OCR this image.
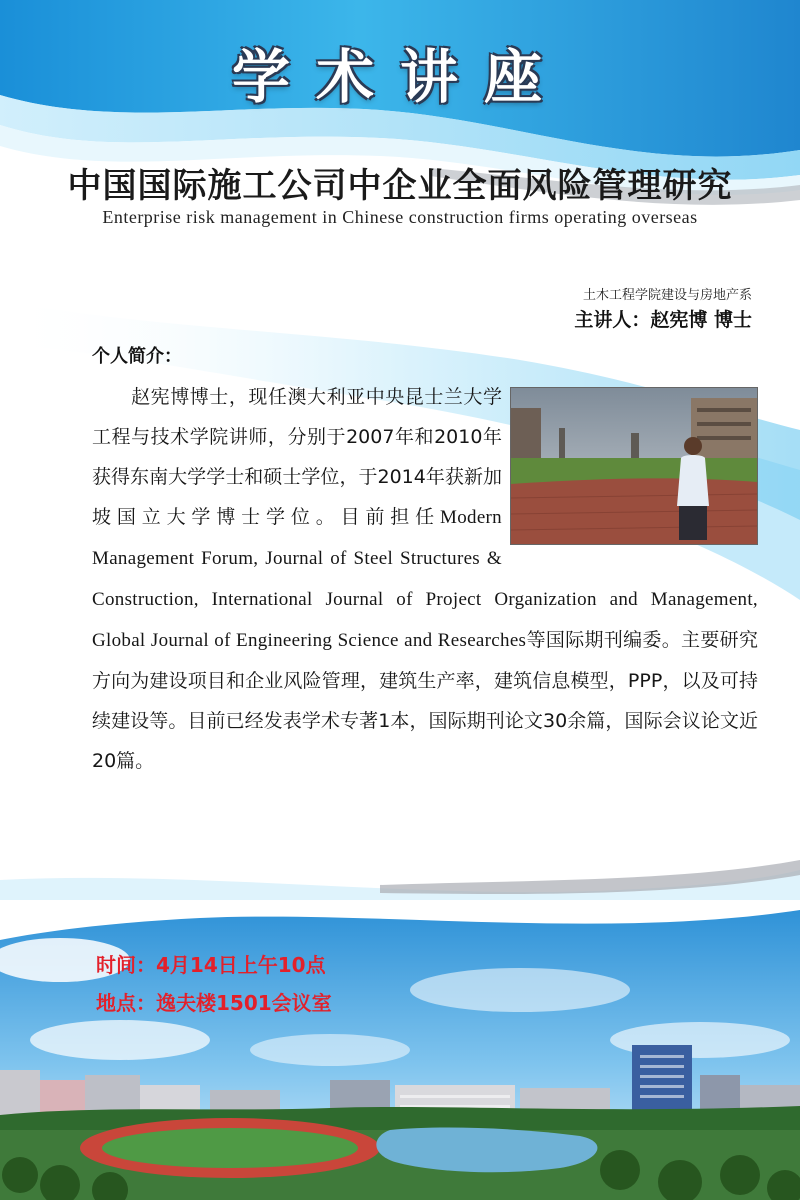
学术讲座
中国国际施工公司中企业全面风险管理研究
Enterprise risk management in Chinese construction firms operating overseas
土木工程学院建设与房地产系
主讲人：赵宪博 博士
个人简介：
　　赵宪博博士，现任澳大利亚中央昆士兰大学工程与技术学院讲师，分别于2007年和2010年获得东南大学学士和硕士学位，于2014年获新加坡国立大学博士学位。目前担任Modern Management Forum, Journal of Steel Structures & Construction, International Journal of Project Organization and Management, Global Journal of Engineering Science and Researches等国际期刊编委。主要研究方向为建设项目和企业风险管理，建筑生产率，建筑信息模型，PPP，以及可持续建设等。目前已经发表学术专著1本，国际期刊论文30余篇，国际会议论文近20篇。
时间：4月14日上午10点
地点：逸夫楼1501会议室
